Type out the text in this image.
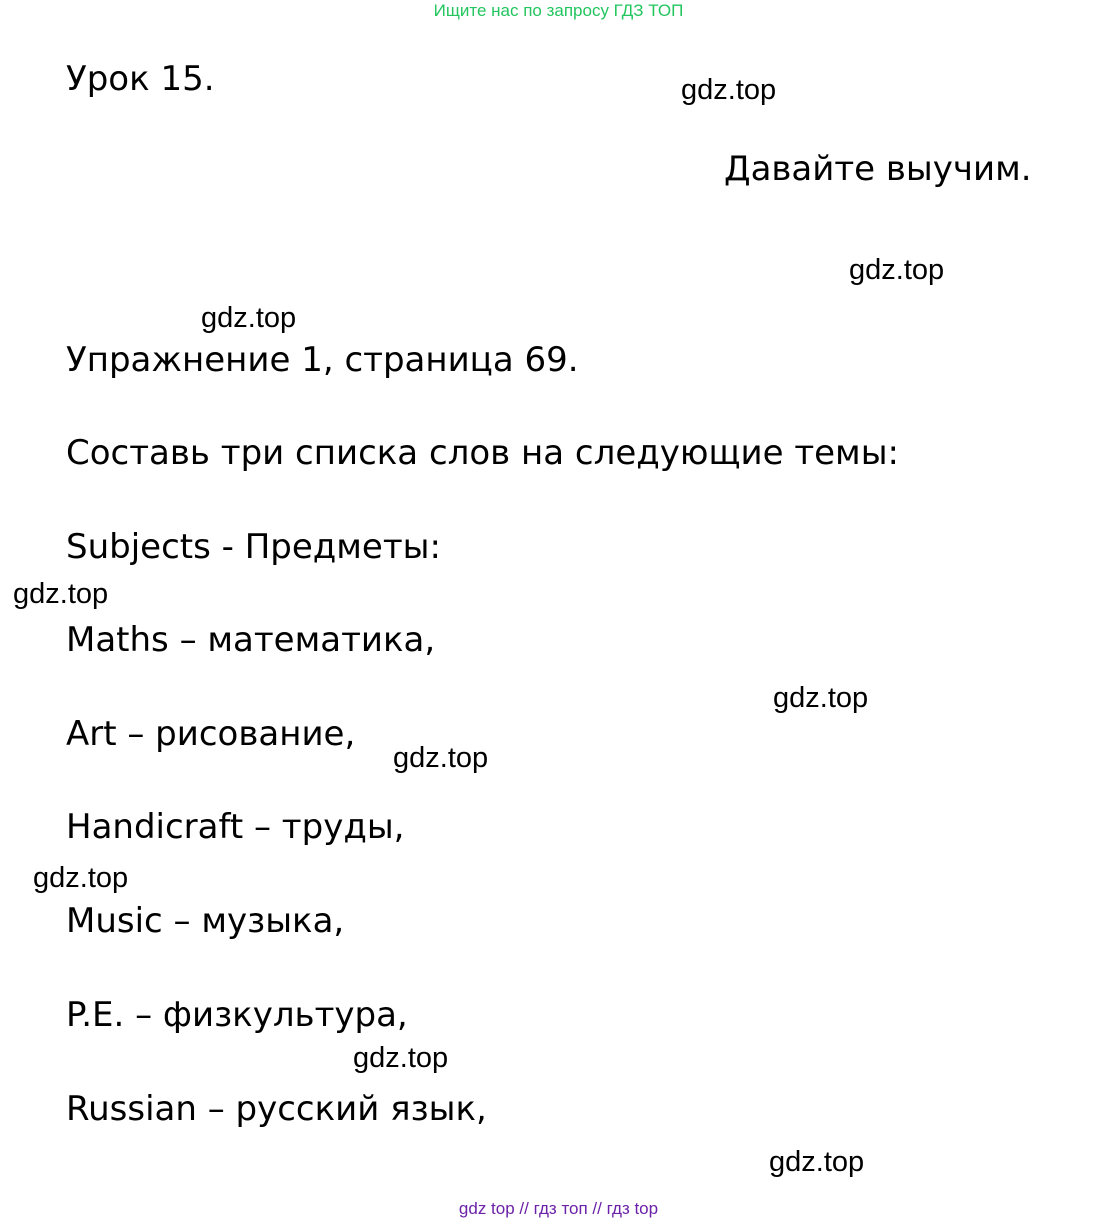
Ищите нас по запросу ГДЗ ТОП
Урок 15.
Давайте выучим.
Упражнение 1, страница 69.
Составь три списка слов на следующие темы:
Subjects - Предметы:
Maths – математика,
Art – рисование,
Handicraft – труды,
Music – музыка,
P.E. – физкультура,
Russian – русский язык,
gdz.top
gdz.top
gdz.top
gdz.top
gdz.top
gdz.top
gdz.top
gdz.top
gdz.top
gdz top // гдз топ // гдз top
